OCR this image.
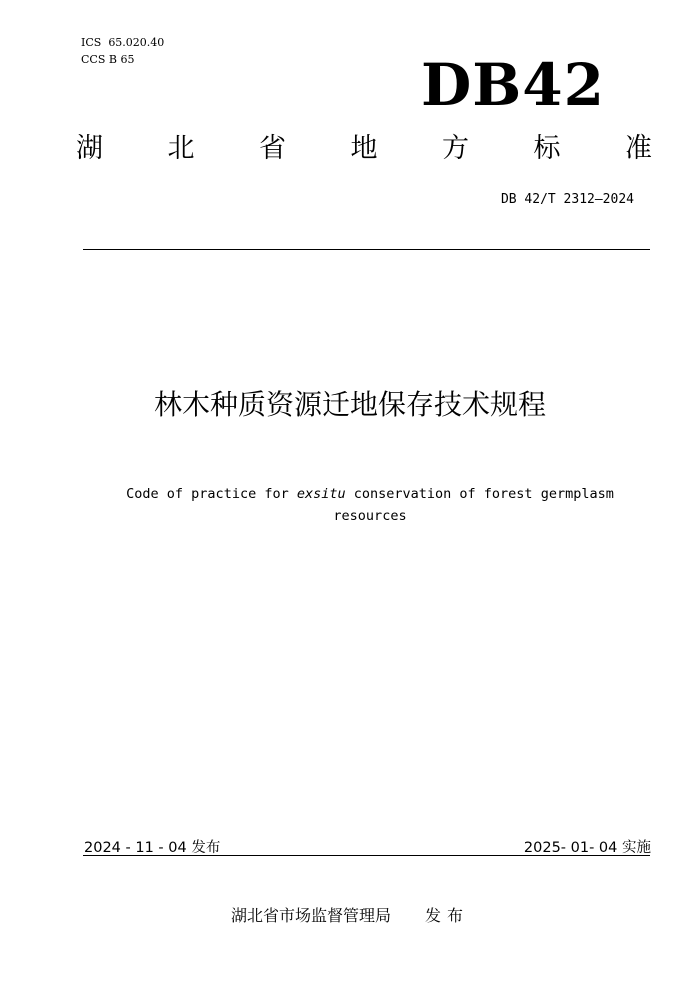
ICS 65.020.40
CCS B 65	DB42
湖 北 省 地 方 标 准
DB 42/T 2312—2024
林木种质资源迁地保存技术规程
Code of practice for exsitu conservation of forest germplasm
resources
2024 - 11 - 04 发布	2025- 01- 04 实施
湖北省市场监督管理局 发布
